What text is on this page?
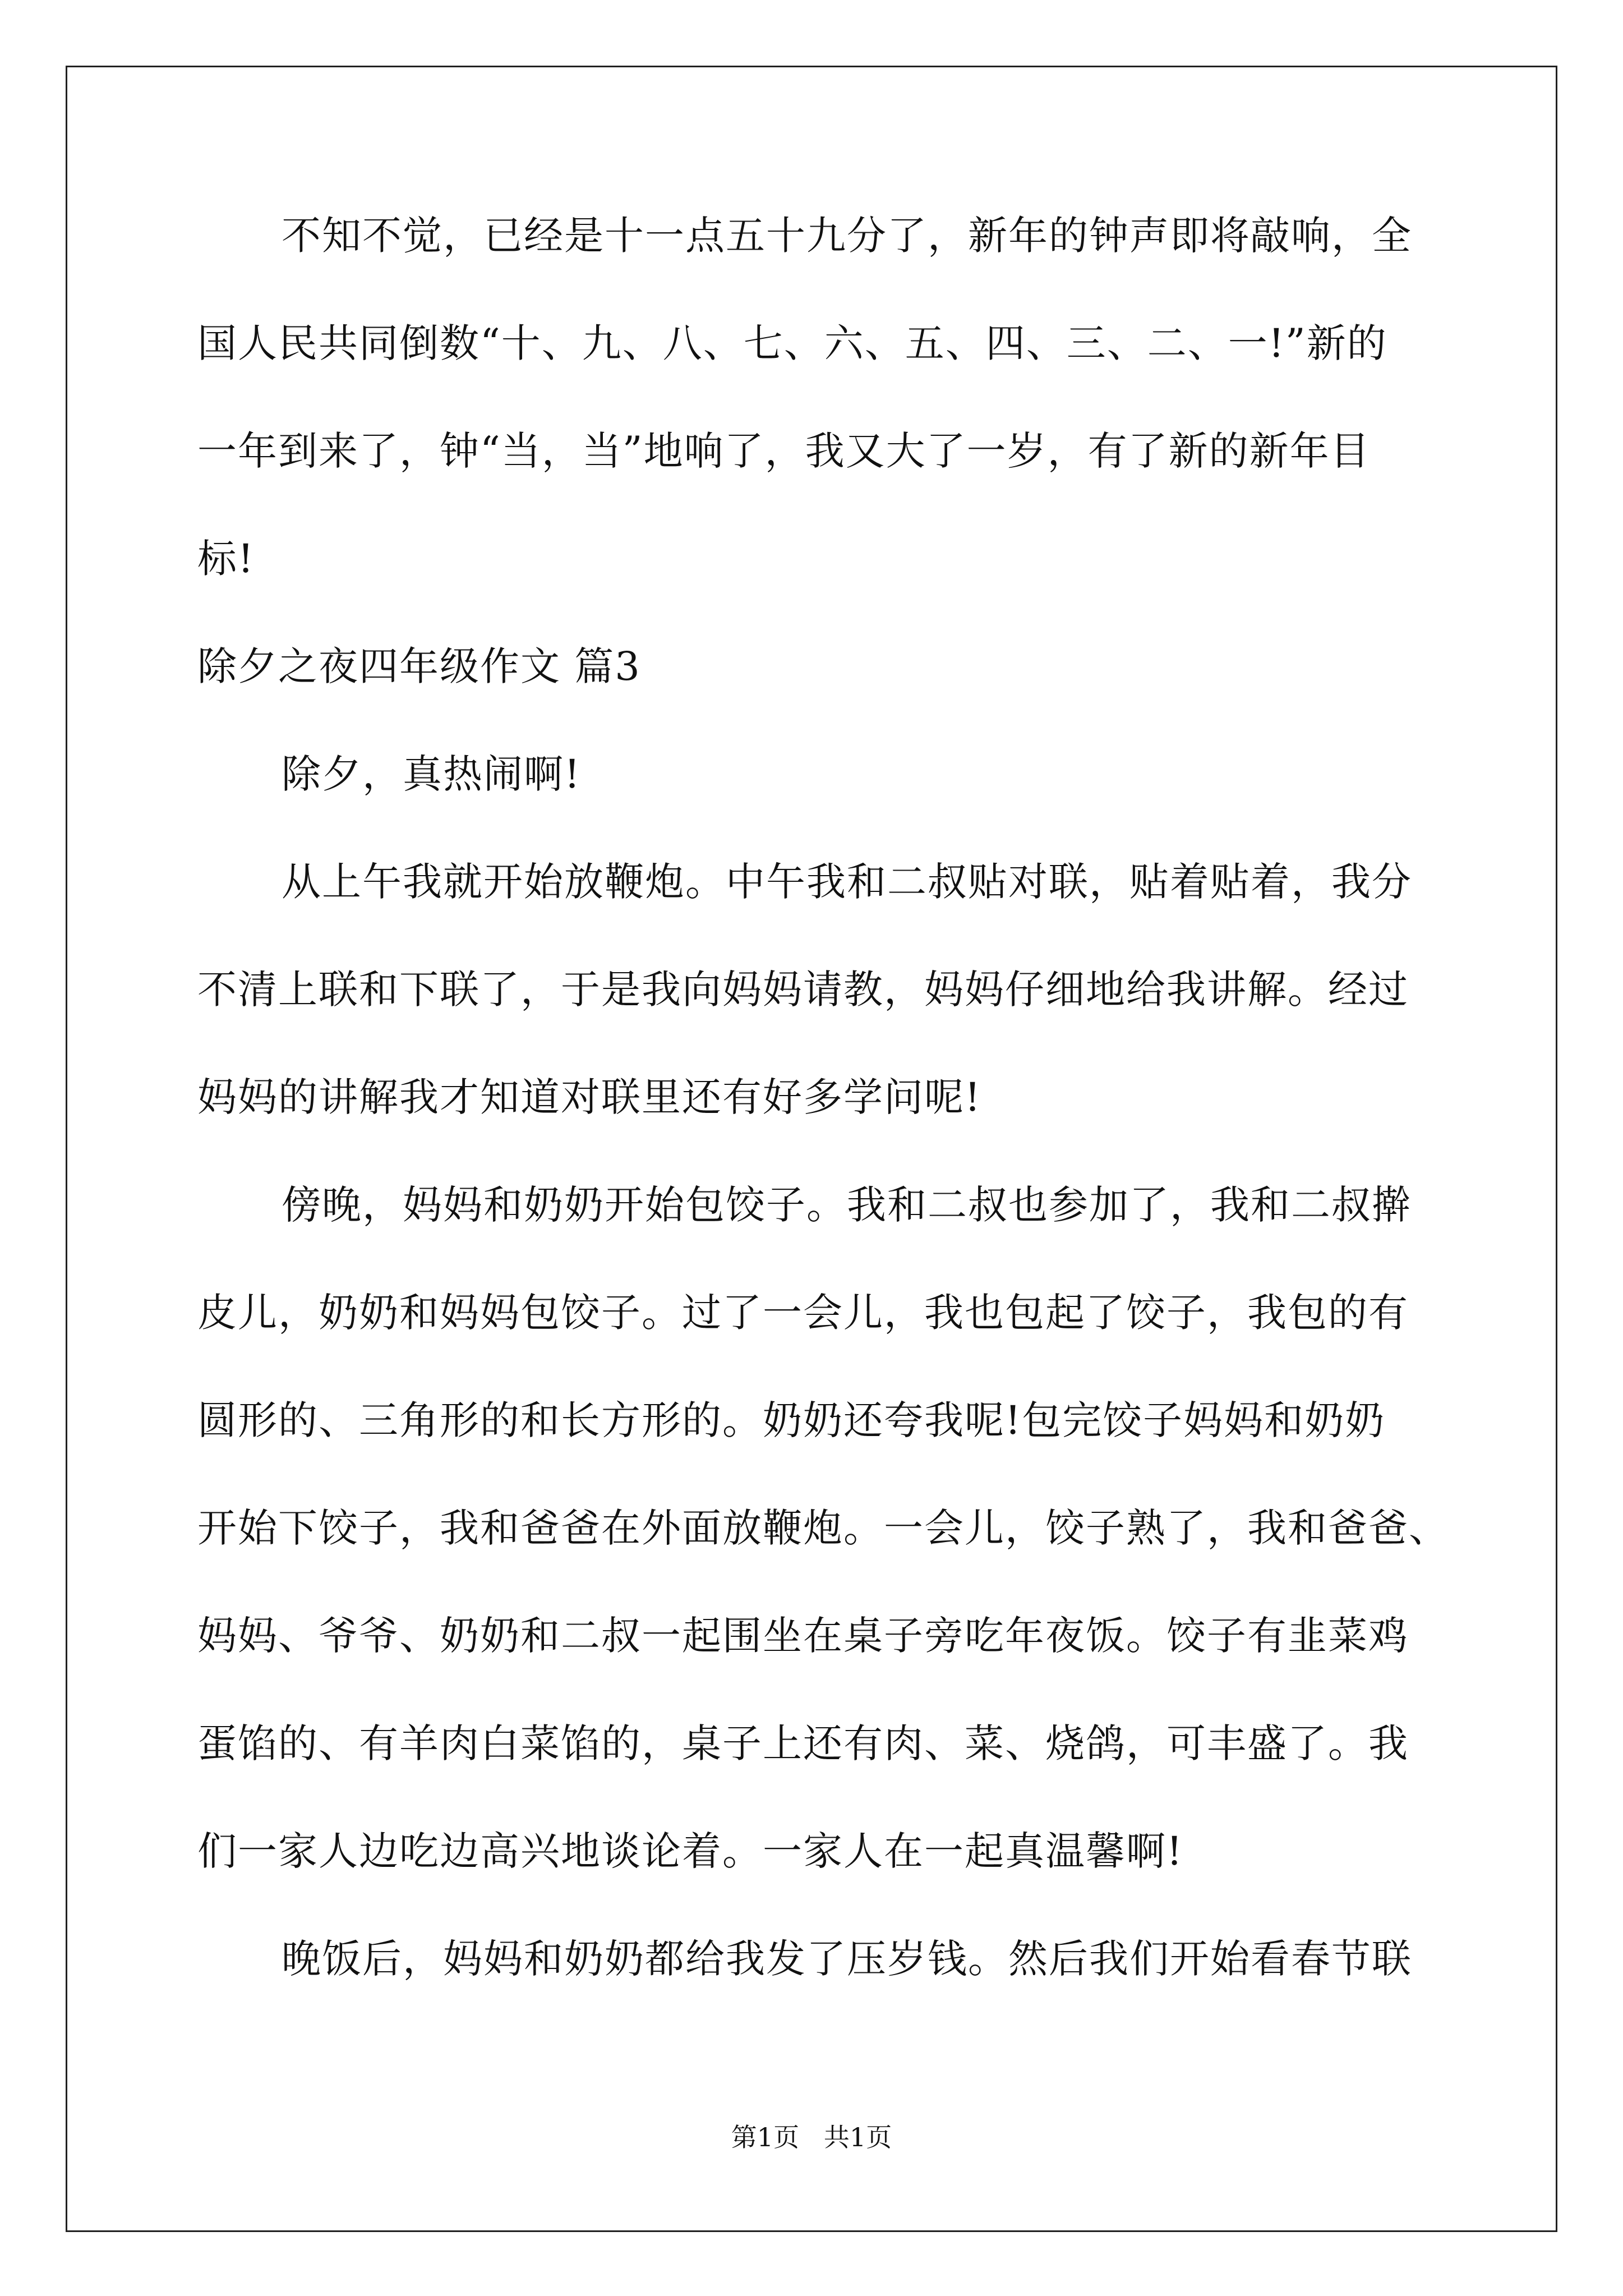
不知不觉，已经是十一点五十九分了，新年的钟声即将敲响，全
国人民共同倒数“十、九、八、七、六、五、四、三、二、一!”新的
一年到来了，钟“当，当”地响了，我又大了一岁，有了新的新年目
标!
除夕之夜四年级作文 篇3
除夕，真热闹啊!
从上午我就开始放鞭炮。中午我和二叔贴对联，贴着贴着，我分
不清上联和下联了，于是我向妈妈请教，妈妈仔细地给我讲解。经过
妈妈的讲解我才知道对联里还有好多学问呢!
傍晚，妈妈和奶奶开始包饺子。我和二叔也参加了，我和二叔擀
皮儿，奶奶和妈妈包饺子。过了一会儿，我也包起了饺子，我包的有
圆形的、三角形的和长方形的。奶奶还夸我呢!包完饺子妈妈和奶奶
开始下饺子，我和爸爸在外面放鞭炮。一会儿，饺子熟了，我和爸爸、
妈妈、爷爷、奶奶和二叔一起围坐在桌子旁吃年夜饭。饺子有韭菜鸡
蛋馅的、有羊肉白菜馅的，桌子上还有肉、菜、烧鸽，可丰盛了。我
们一家人边吃边高兴地谈论着。一家人在一起真温馨啊!
晚饭后，妈妈和奶奶都给我发了压岁钱。然后我们开始看春节联
第1页   共1页
